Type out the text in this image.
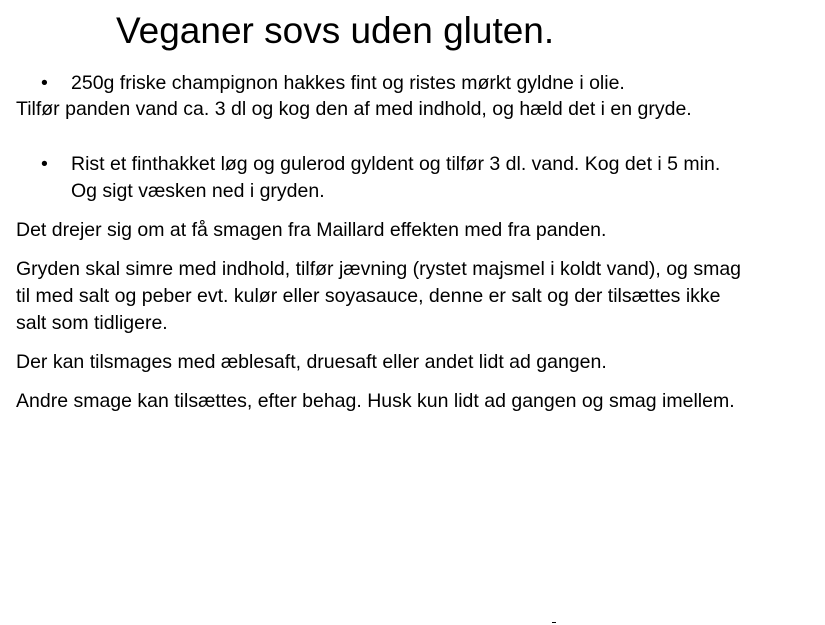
Veganer sovs uden gluten.
•	250g friske champignon hakkes fint og ristes mørkt gyldne i olie.

Tilfør panden vand ca. 3 dl og kog den af med indhold, og hæld det i en gryde.

•	Rist et finthakket løg og gulerod gyldent og tilfør 3 dl. vand. Kog det i 5 min.
Og sigt væsken ned i gryden.

Det drejer sig om at få smagen fra Maillard effekten med fra panden.

Gryden skal simre med indhold, tilfør jævning (rystet majsmel i koldt vand), og smag
til med salt og peber evt. kulør eller soyasauce, denne er salt og der tilsættes ikke
salt som tidligere.

Der kan tilsmages med æblesaft, druesaft eller andet lidt ad gangen.

Andre smage kan tilsættes, efter behag. Husk kun lidt ad gangen og smag imellem.
